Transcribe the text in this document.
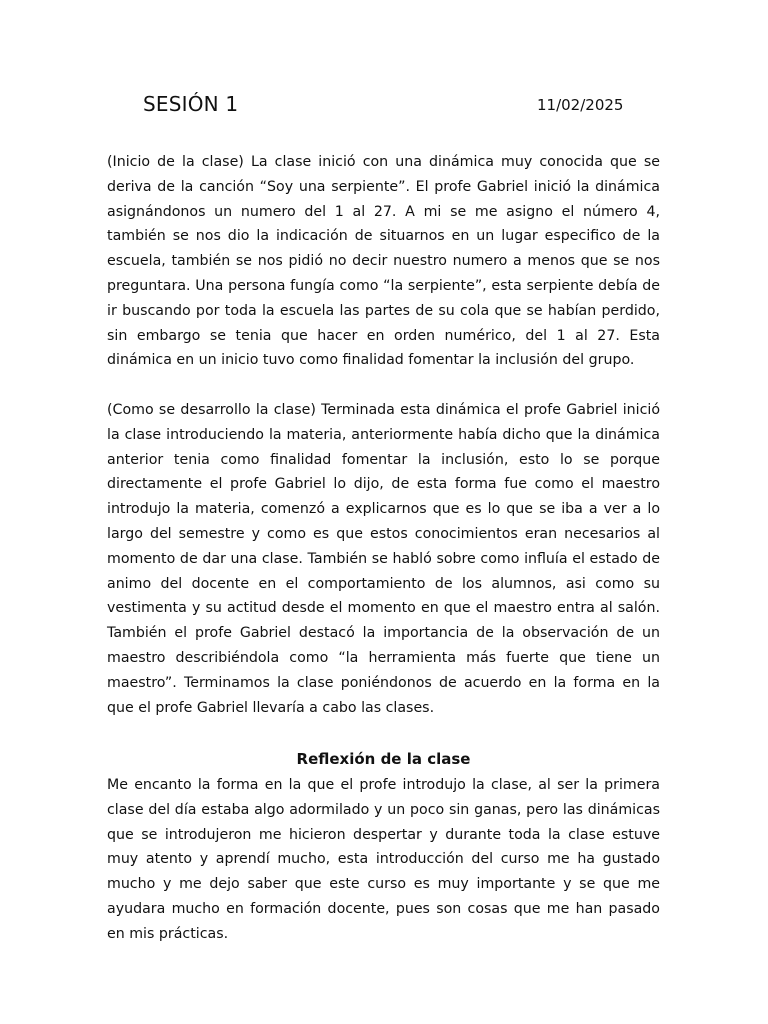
SESIÓN 1	11/02/2025

(Inicio de la clase) La clase inició con una dinámica muy conocida que se deriva de la canción “Soy una serpiente”. El profe Gabriel inició la dinámica asignándonos un numero del 1 al 27. A mi se me asigno el número 4, también se nos dio la indicación de situarnos en un lugar especifico de la escuela, también se nos pidió no decir nuestro numero a menos que se nos preguntara. Una persona fungía como “la serpiente”, esta serpiente debía de ir buscando por toda la escuela las partes de su cola que se habían perdido, sin embargo se tenia que hacer en orden numérico, del 1 al 27. Esta dinámica en un inicio tuvo como finalidad fomentar la inclusión del grupo.

(Como se desarrollo la clase) Terminada esta dinámica el profe Gabriel inició la clase introduciendo la materia, anteriormente había dicho que la dinámica anterior tenia como finalidad fomentar la inclusión, esto lo se porque directamente el profe Gabriel lo dijo, de esta forma fue como el maestro introdujo la materia, comenzó a explicarnos que es lo que se iba a ver a lo largo del semestre y como es que estos conocimientos eran necesarios al momento de dar una clase. También se habló sobre como influía el estado de animo del docente en el comportamiento de los alumnos, asi como su vestimenta y su actitud desde el momento en que el maestro entra al salón. También el profe Gabriel destacó la importancia de la observación de un maestro describiéndola como “la herramienta más fuerte que tiene un maestro”. Terminamos la clase poniéndonos de acuerdo en la forma en la que el profe Gabriel llevaría a cabo las clases.

Reflexión de la clase

Me encanto la forma en la que el profe introdujo la clase, al ser la primera clase del día estaba algo adormilado y un poco sin ganas, pero las dinámicas que se introdujeron me hicieron despertar y durante toda la clase estuve muy atento y aprendí mucho, esta introducción del curso me ha gustado mucho y me dejo saber que este curso es muy importante y se que me ayudara mucho en formación docente, pues son cosas que me han pasado en mis prácticas.
